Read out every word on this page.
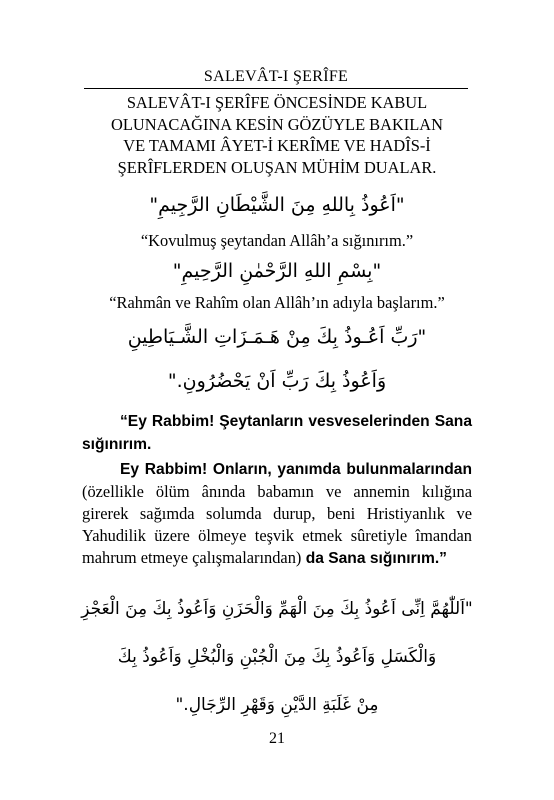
SALEVÂT-I ŞERÎFE
SALEVÂT-I ŞERÎFE ÖNCESİNDE KABUL
OLUNACAĞINA KESİN GÖZÜYLE BAKILAN
VE TAMAMI ÂYET-İ KERÎME VE HADÎS-İ
ŞERÎFLERDEN OLUŞAN MÜHİM DUALAR.
"اَعُوذُ بِاللهِ مِنَ الشَّيْطَانِ الرَّجِيمِ"
“Kovulmuş şeytandan Allâh’a sığınırım.”
"بِسْمِ اللهِ الرَّحْمٰنِ الرَّحِيمِ"
“Rahmân ve Rahîm olan Allâh’ın adıyla başlarım.”
"رَبِّ اَعُـوذُ بِكَ مِنْ هَـمَـزَاتِ الشَّـيَاطِينِ
وَاَعُوذُ بِكَ رَبِّ اَنْ يَحْضُرُونِ."

“Ey Rabbim! Şeytanların vesveselerinden Sana sığınırım.

Ey Rabbim! Onların, yanımda bulunmalarından (özellikle ölüm ânında babamın ve annemin kılığına girerek sağımda solumda durup, beni Hristiyanlık ve Yahudilik üzere ölmeye teşvik etmek sûretiyle îmandan mahrum etmeye çalışmalarından) da Sana sığınırım.”

"اَللّٰهُمَّ اِنِّى اَعُوذُ بِكَ مِنَ الْهَمِّ وَالْحَزَنِ وَاَعُوذُ بِكَ مِنَ الْعَجْزِ
وَالْكَسَلِ وَاَعُوذُ بِكَ مِنَ الْجُبْنِ وَالْبُخْلِ وَاَعُوذُ بِكَ
مِنْ غَلَبَةِ الدَّيْنِ وَقَهْرِ الرِّجَالِ."
21
